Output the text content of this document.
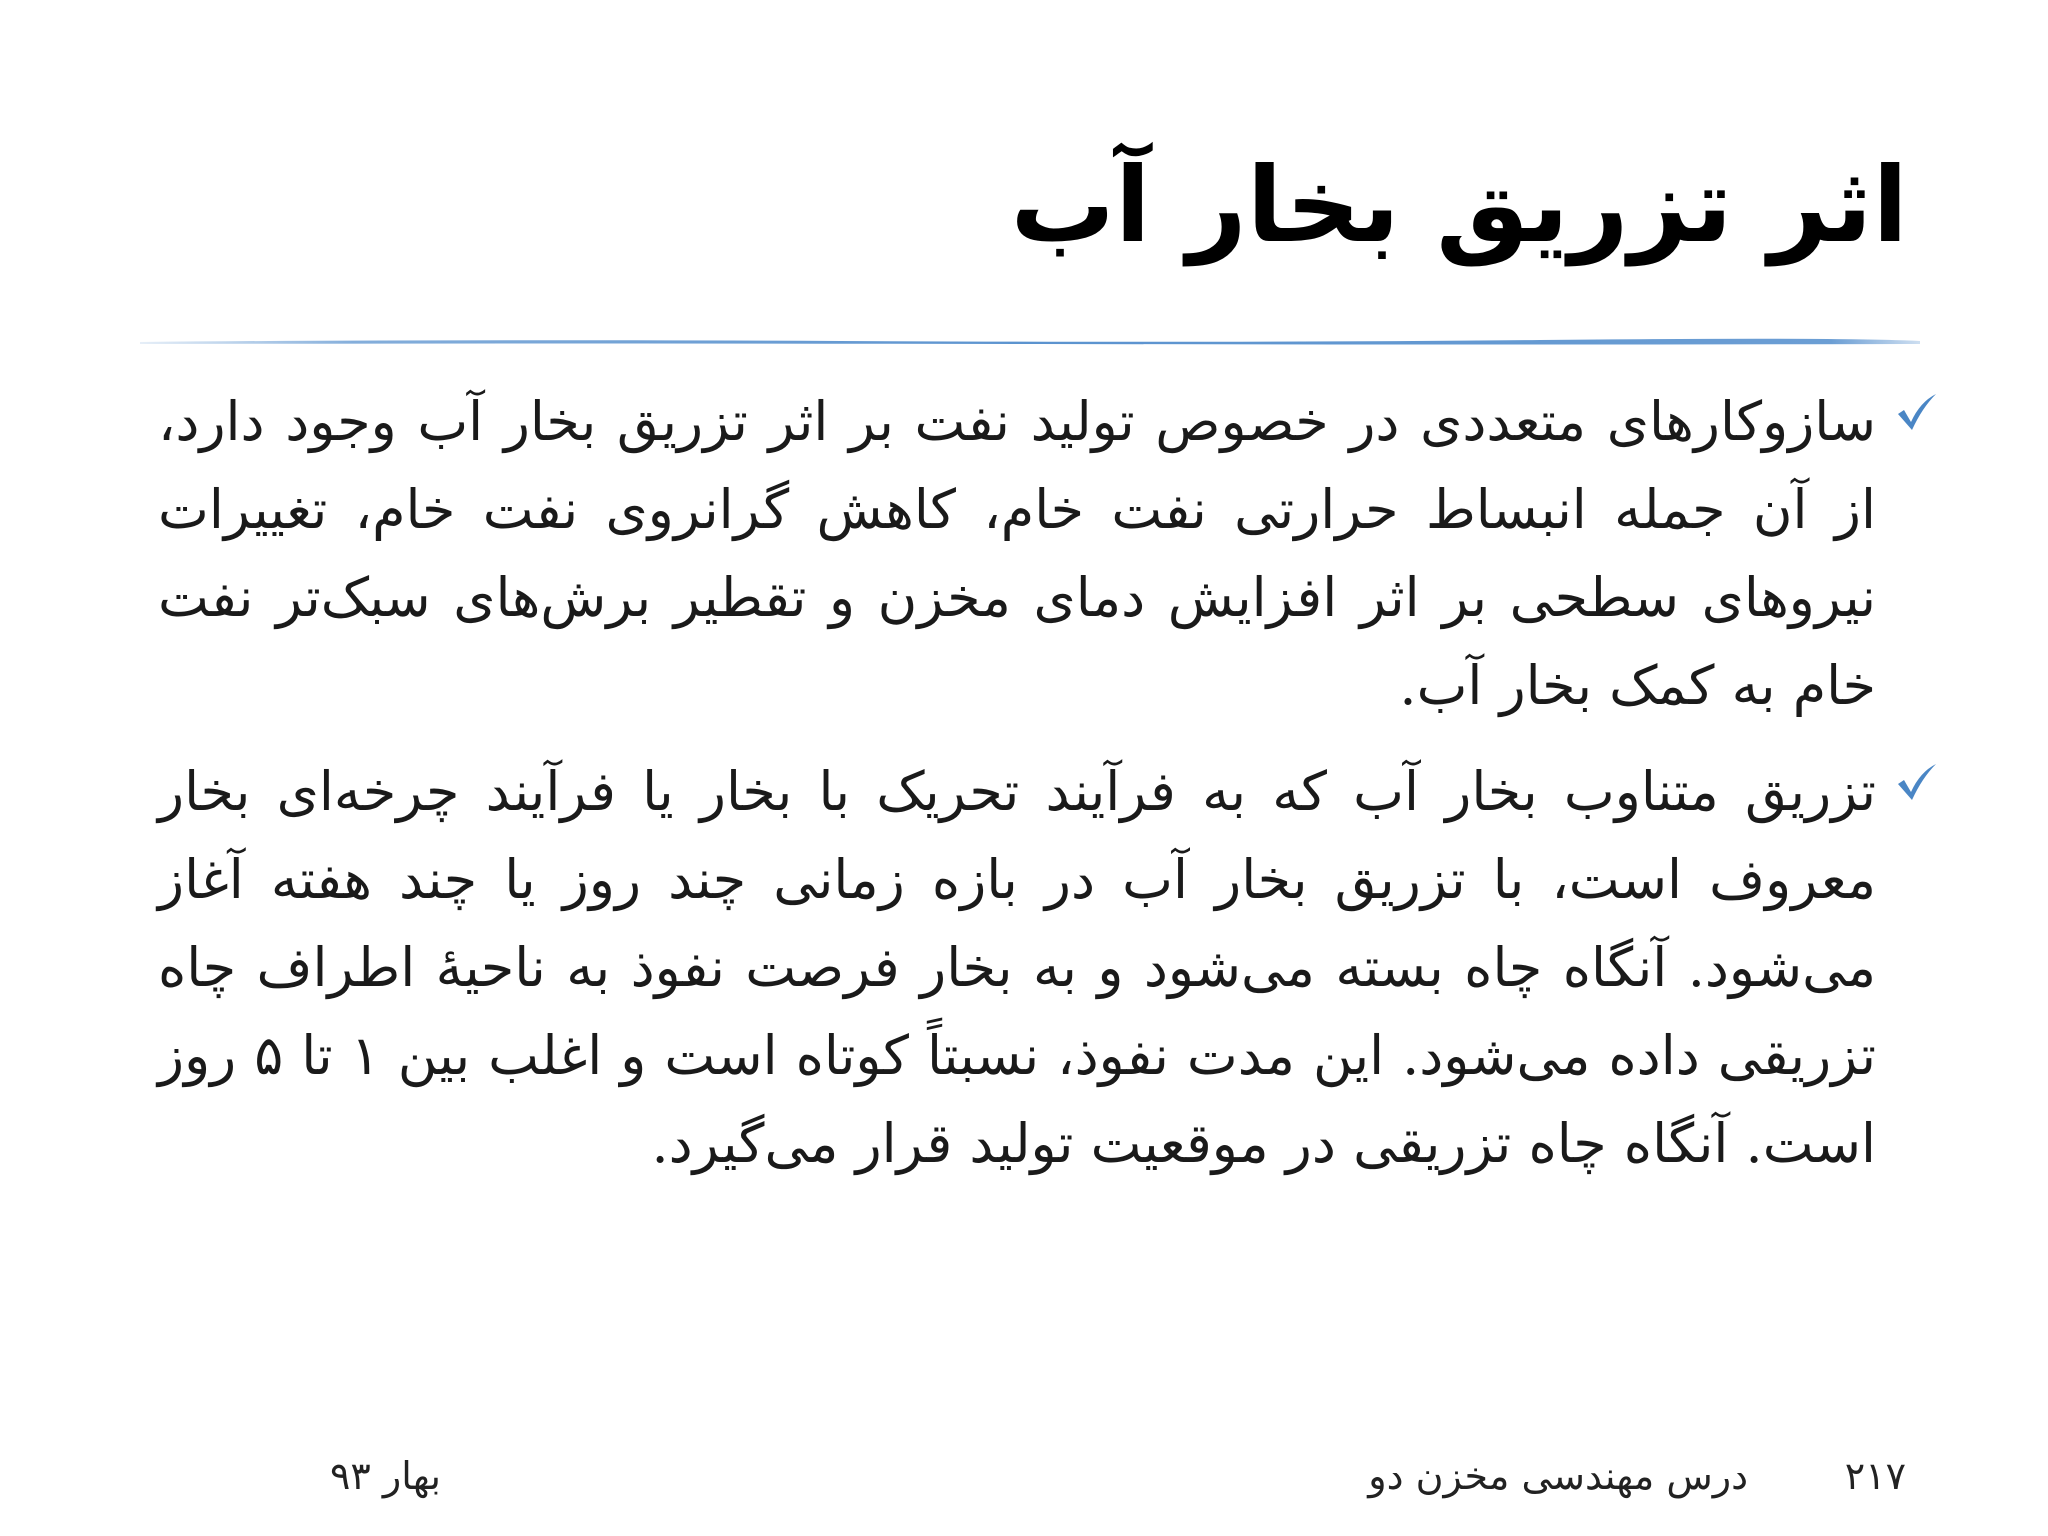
اثر تزریق بخار آب
سازوکارهای متعددی در خصوص تولید نفت بر اثر تزریق بخار آب وجود دارد، از آن جمله انبساط حرارتی نفت خام، کاهش گرانروی نفت خام، تغییرات نیروهای سطحی بر اثر افزایش دمای مخزن و تقطیر برش‌های سبک‌تر نفت خام به کمک بخار آب.
تزریق متناوب بخار آب که به فرآیند تحریک با بخار یا فرآیند چرخه‌ای بخار معروف است، با تزریق بخار آب در بازه زمانی چند روز یا چند هفته آغاز می‌شود. آنگاه چاه بسته می‌شود و به بخار فرصت نفوذ به ناحیۀ اطراف چاه تزریقی داده می‌شود. این مدت نفوذ، نسبتاً کوتاه است و اغلب بین ۱ تا ۵ روز است. آنگاه چاه تزریقی در موقعیت تولید قرار می‌گیرد.
۲۱۷
درس مهندسی مخزن دو
بهار ۹۳
